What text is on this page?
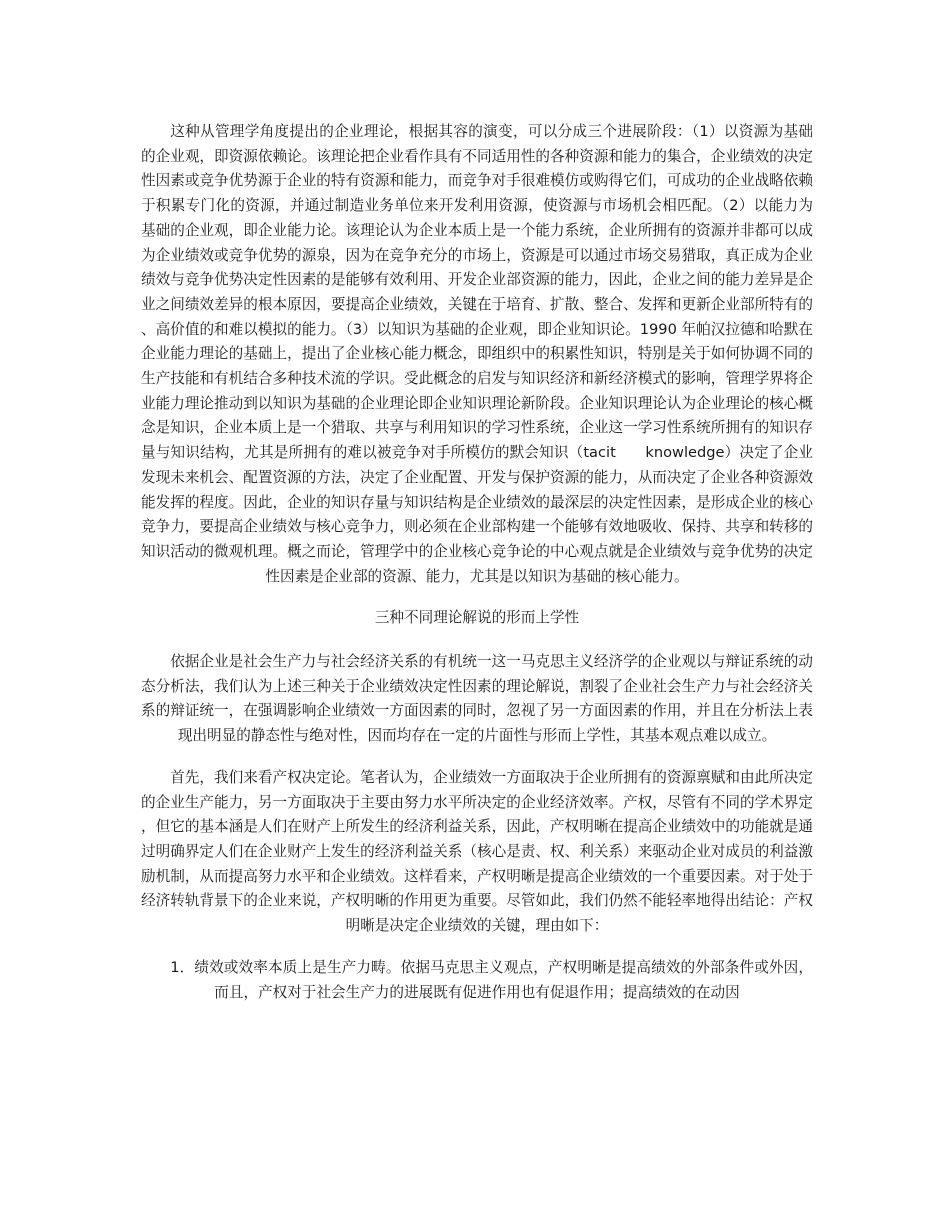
这种从管理学角度提出的企业理论，根据其容的演变，可以分成三个进展阶段：（1）以资源为基础的企业观，即资源依赖论。该理论把企业看作具有不同适用性的各种资源和能力的集合，企业绩效的决定性因素或竞争优势源于企业的特有资源和能力，而竞争对手很难模仿或购得它们，可成功的企业战略依赖于积累专门化的资源，并通过制造业务单位来开发利用资源，使资源与市场机会相匹配。（2）以能力为基础的企业观，即企业能力论。该理论认为企业本质上是一个能力系统，企业所拥有的资源并非都可以成为企业绩效或竞争优势的源泉，因为在竞争充分的市场上，资源是可以通过市场交易猎取，真正成为企业绩效与竞争优势决定性因素的是能够有效利用、开发企业部资源的能力，因此，企业之间的能力差异是企业之间绩效差异的根本原因，要提高企业绩效，关键在于培育、扩散、整合、发挥和更新企业部所特有的、高价值的和难以模拟的能力。（3）以知识为基础的企业观，即企业知识论。1990 年帕汉拉德和哈默在企业能力理论的基础上，提出了企业核心能力概念，即组织中的积累性知识，特别是关于如何协调不同的生产技能和有机结合多种技术流的学识。受此概念的启发与知识经济和新经济模式的影响，管理学界将企业能力理论推动到以知识为基础的企业理论即企业知识理论新阶段。企业知识理论认为企业理论的核心概念是知识，企业本质上是一个猎取、共享与利用知识的学习性系统，企业这一学习性系统所拥有的知识存量与知识结构，尤其是所拥有的难以被竞争对手所模仿的默会知识（tacit　　knowledge）决定了企业发现未来机会、配置资源的方法，决定了企业配置、开发与保护资源的能力，从而决定了企业各种资源效能发挥的程度。因此，企业的知识存量与知识结构是企业绩效的最深层的决定性因素，是形成企业的核心竞争力，要提高企业绩效与核心竞争力，则必须在企业部构建一个能够有效地吸收、保持、共享和转移的知识活动的微观机理。概之而论，管理学中的企业核心竞争论的中心观点就是企业绩效与竞争优势的决定性因素是企业部的资源、能力，尤其是以知识为基础的核心能力。

三种不同理论解说的形而上学性

依据企业是社会生产力与社会经济关系的有机统一这一马克思主义经济学的企业观以与辩证系统的动态分析法，我们认为上述三种关于企业绩效决定性因素的理论解说，割裂了企业社会生产力与社会经济关系的辩证统一，在强调影响企业绩效一方面因素的同时，忽视了另一方面因素的作用，并且在分析法上表现出明显的静态性与绝对性，因而均存在一定的片面性与形而上学性，其基本观点难以成立。

首先，我们来看产权决定论。笔者认为，企业绩效一方面取决于企业所拥有的资源禀赋和由此所决定的企业生产能力，另一方面取决于主要由努力水平所决定的企业经济效率。产权，尽管有不同的学术界定，但它的基本涵是人们在财产上所发生的经济利益关系，因此，产权明晰在提高企业绩效中的功能就是通过明确界定人们在企业财产上发生的经济利益关系（核心是责、权、利关系）来驱动企业对成员的利益激励机制，从而提高努力水平和企业绩效。这样看来，产权明晰是提高企业绩效的一个重要因素。对于处于经济转轨背景下的企业来说，产权明晰的作用更为重要。尽管如此，我们仍然不能轻率地得出结论：产权明晰是决定企业绩效的关键，理由如下：

1．绩效或效率本质上是生产力畴。依据马克思主义观点，产权明晰是提高绩效的外部条件或外因，而且，产权对于社会生产力的进展既有促进作用也有促退作用；提高绩效的在动因
